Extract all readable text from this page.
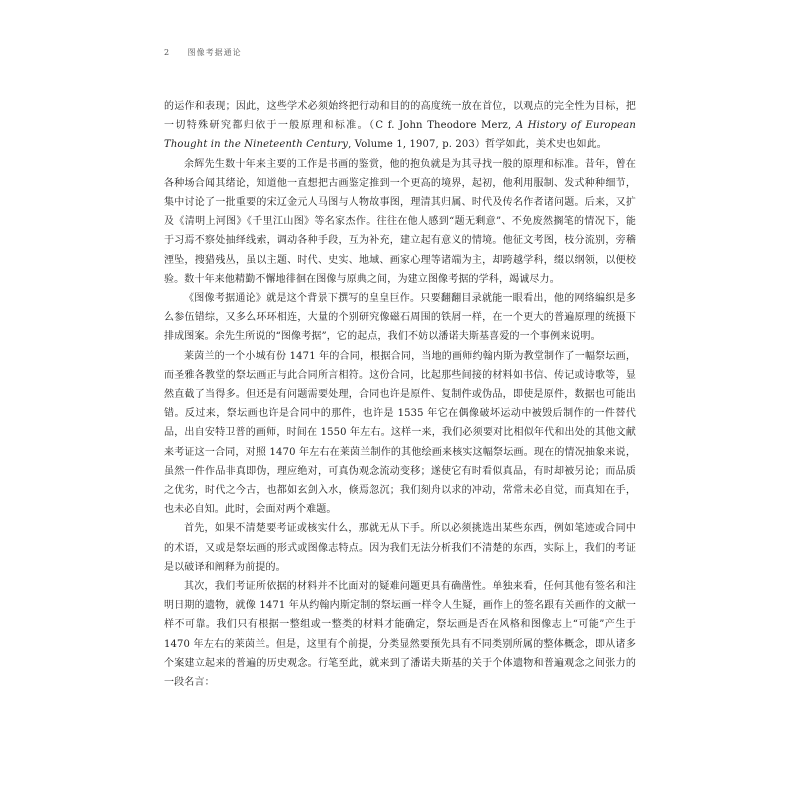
2 图像考据通论

的运作和表现；因此，这些学术必须始终把行动和目的的高度统一放在首位，以观点的完全性为目标，把一切特殊研究都归依于一般原理和标准。（C f. John Theodore Merz, A History of European Thought in the Nineteenth Century, Volume 1, 1907, p. 203）哲学如此，美术史也如此。

余辉先生数十年来主要的工作是书画的鉴赏，他的抱负就是为其寻找一般的原理和标准。昔年，曾在各种场合闻其绪论，知道他一直想把古画鉴定推到一个更高的境界，起初，他利用服制、发式种种细节，集中讨论了一批重要的宋辽金元人马图与人物故事图，理清其归属、时代及传名作者诸问题。后来，又扩及《清明上河图》《千里江山图》等名家杰作。往往在他人感到“题无剩意”、不免废然搁笔的情况下，能于习焉不察处抽绎线索，调动各种手段，互为补充，建立起有意义的情境。他征文考图，枝分流别，旁稽湮坠，搜猎残丛，虽以主题、时代、史实、地域、画家心理等诸端为主，却跨越学科，缀以纲领，以便校验。数十年来他精勤不懈地徘徊在图像与原典之间，为建立图像考据的学科，竭诚尽力。

《图像考据通论》就是这个背景下撰写的皇皇巨作。只要翻翻目录就能一眼看出，他的网络编织是多么参伍错综，又多么环环相连，大量的个别研究像磁石周围的铁屑一样，在一个更大的普遍原理的统摄下排成图案。余先生所说的“图像考据”，它的起点，我们不妨以潘诺夫斯基喜爱的一个事例来说明。

莱茵兰的一个小城有份 1471 年的合同，根据合同，当地的画师约翰内斯为教堂制作了一幅祭坛画，而圣雅各教堂的祭坛画正与此合同所言相符。这份合同，比起那些间接的材料如书信、传记或诗歌等，显然直截了当得多。但还是有问题需要处理，合同也许是原件、复制件或伪品，即使是原件，数据也可能出错。反过来，祭坛画也许是合同中的那件，也许是 1535 年它在偶像破坏运动中被毁后制作的一件替代品，出自安特卫普的画师，时间在 1550 年左右。这样一来，我们必须要对比相似年代和出处的其他文献来考证这一合同，对照 1470 年左右在莱茵兰制作的其他绘画来核实这幅祭坛画。现在的情况抽象来说，虽然一件作品非真即伪，理应绝对，可真伪观念流动变移；遂使它有时看似真品，有时却被另论；而品质之优劣，时代之今古，也都如玄剑入水，倏焉忽沉；我们刻舟以求的冲动，常常未必自觉，而真知在手，也未必自知。此时，会面对两个难题。

首先，如果不清楚要考证或核实什么，那就无从下手。所以必须挑选出某些东西，例如笔迹或合同中的术语，又或是祭坛画的形式或图像志特点。因为我们无法分析我们不清楚的东西，实际上，我们的考证是以破译和阐释为前提的。

其次，我们考证所依据的材料并不比面对的疑难问题更具有确凿性。单独来看，任何其他有签名和注明日期的遗物，就像 1471 年从约翰内斯定制的祭坛画一样令人生疑，画作上的签名跟有关画作的文献一样不可靠。我们只有根据一整组或一整类的材料才能确定，祭坛画是否在风格和图像志上“可能”产生于 1470 年左右的莱茵兰。但是，这里有个前提，分类显然要预先具有不同类别所属的整体概念，即从诸多个案建立起来的普遍的历史观念。行笔至此，就来到了潘诺夫斯基的关于个体遗物和普遍观念之间张力的一段名言：
